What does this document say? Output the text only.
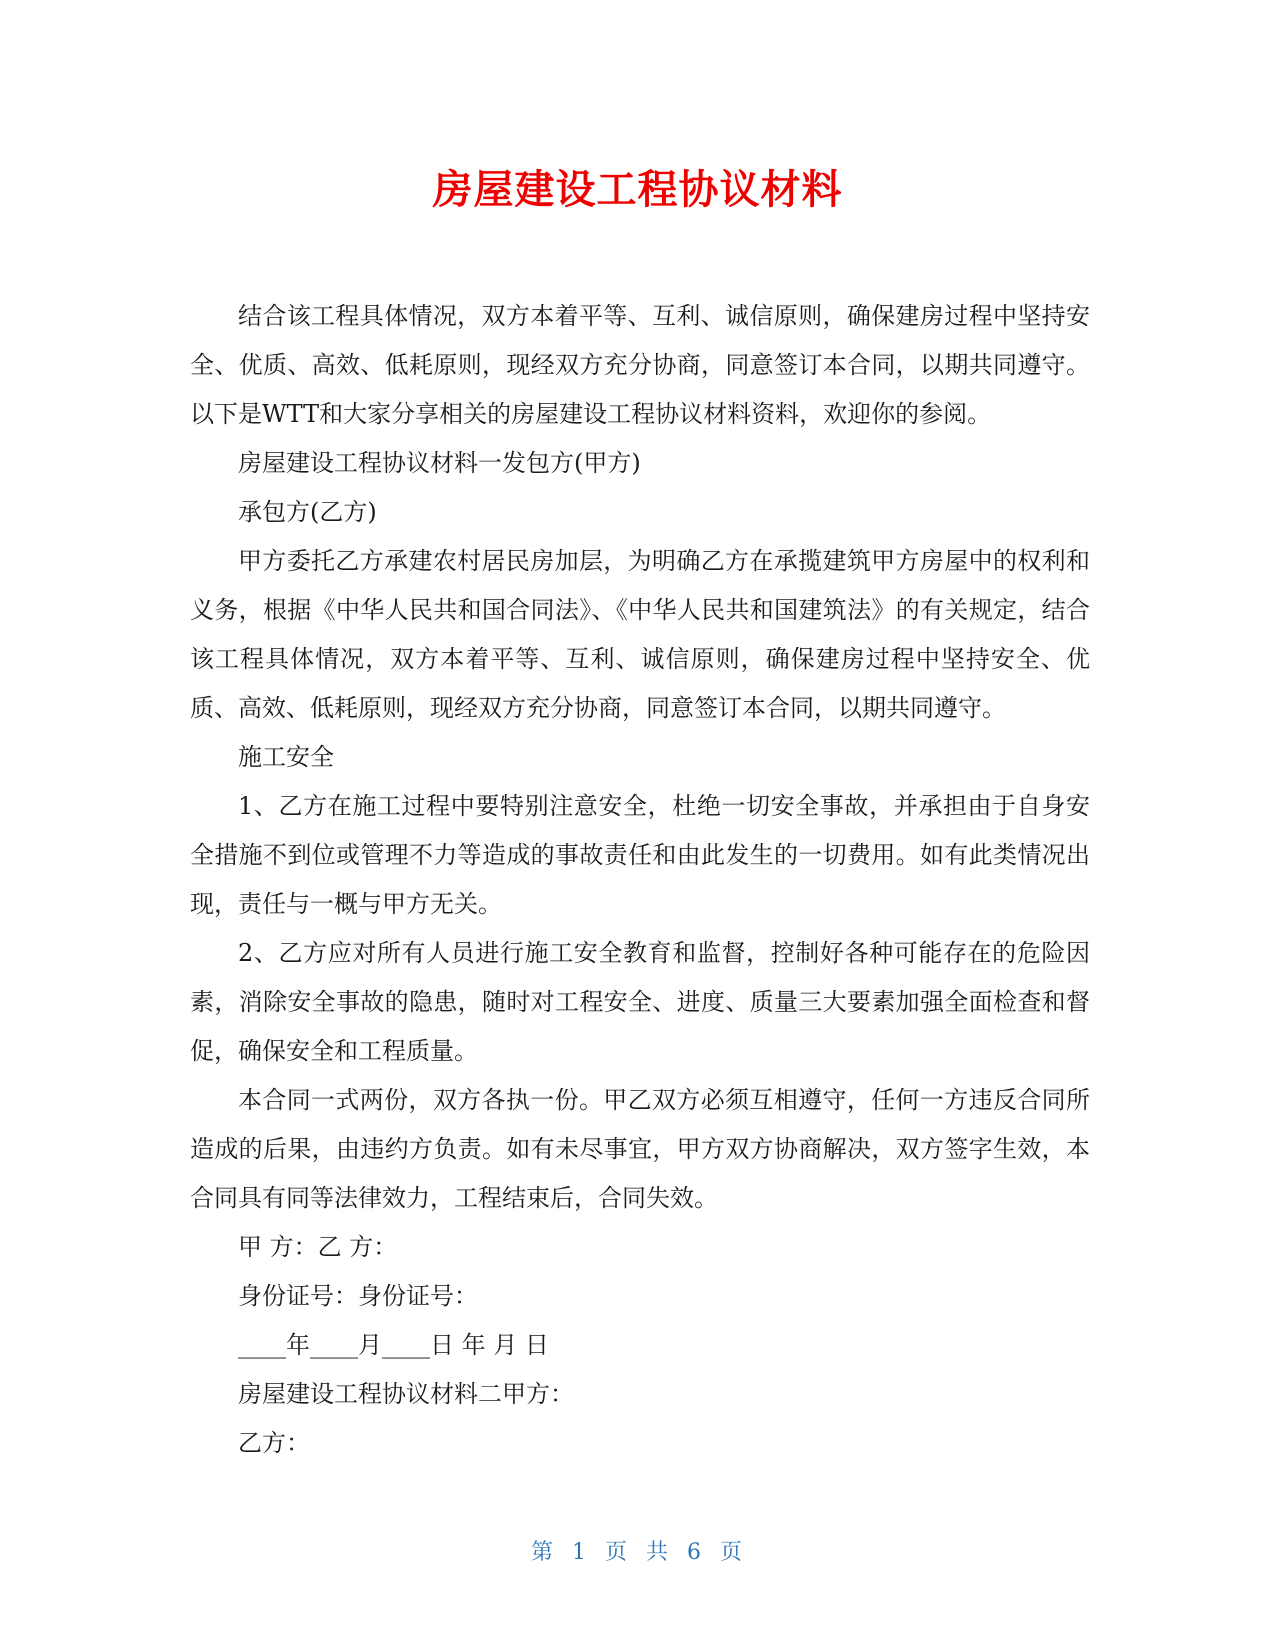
房屋建设工程协议材料

结合该工程具体情况，双方本着平等、互利、诚信原则，确保建房过程中坚持安全、优质、高效、低耗原则，现经双方充分协商，同意签订本合同，以期共同遵守。以下是WTT和大家分享相关的房屋建设工程协议材料资料，欢迎你的参阅。

房屋建设工程协议材料一发包方(甲方)

承包方(乙方)

甲方委托乙方承建农村居民房加层，为明确乙方在承揽建筑甲方房屋中的权利和义务，根据《中华人民共和国合同法》、《中华人民共和国建筑法》的有关规定，结合该工程具体情况，双方本着平等、互利、诚信原则，确保建房过程中坚持安全、优质、高效、低耗原则，现经双方充分协商，同意签订本合同，以期共同遵守。

施工安全

1、乙方在施工过程中要特别注意安全，杜绝一切安全事故，并承担由于自身安全措施不到位或管理不力等造成的事故责任和由此发生的一切费用。如有此类情况出现，责任与一概与甲方无关。

2、乙方应对所有人员进行施工安全教育和监督，控制好各种可能存在的危险因素，消除安全事故的隐患，随时对工程安全、进度、质量三大要素加强全面检查和督促，确保安全和工程质量。

本合同一式两份，双方各执一份。甲乙双方必须互相遵守，任何一方违反合同所造成的后果，由违约方负责。如有未尽事宜，甲方双方协商解决，双方签字生效，本合同具有同等法律效力，工程结束后，合同失效。

甲 方：乙 方：

身份证号：身份证号：

____年____月____日 年 月 日

房屋建设工程协议材料二甲方：

乙方：

第 1 页 共 6 页
